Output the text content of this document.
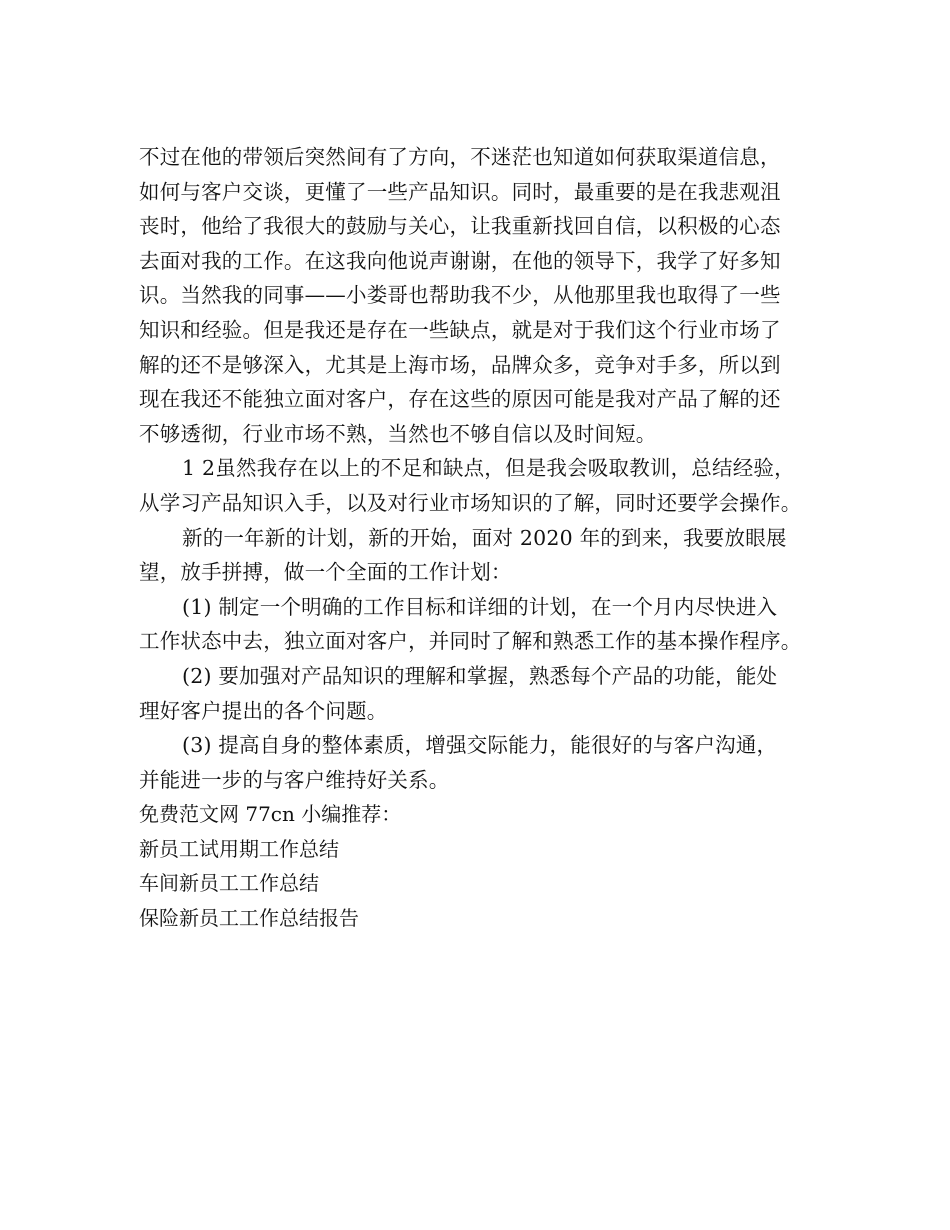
不过在他的带领后突然间有了方向，不迷茫也知道如何获取渠道信息，
如何与客户交谈，更懂了一些产品知识。同时，最重要的是在我悲观沮
丧时，他给了我很大的鼓励与关心，让我重新找回自信，以积极的心态
去面对我的工作。在这我向他说声谢谢，在他的领导下，我学了好多知
识。当然我的同事——小娄哥也帮助我不少，从他那里我也取得了一些
知识和经验。但是我还是存在一些缺点，就是对于我们这个行业市场了
解的还不是够深入，尤其是上海市场，品牌众多，竞争对手多，所以到
现在我还不能独立面对客户，存在这些的原因可能是我对产品了解的还
不够透彻，行业市场不熟，当然也不够自信以及时间短。
1 2虽然我存在以上的不足和缺点，但是我会吸取教训，总结经验，
从学习产品知识入手，以及对行业市场知识的了解，同时还要学会操作。
新的一年新的计划，新的开始，面对 2020 年的到来，我要放眼展
望，放手拼搏，做一个全面的工作计划：
(1) 制定一个明确的工作目标和详细的计划，在一个月内尽快进入
工作状态中去，独立面对客户，并同时了解和熟悉工作的基本操作程序。
(2) 要加强对产品知识的理解和掌握，熟悉每个产品的功能，能处
理好客户提出的各个问题。
(3) 提高自身的整体素质，增强交际能力，能很好的与客户沟通，
并能进一步的与客户维持好关系。
免费范文网 77cn 小编推荐：
新员工试用期工作总结
车间新员工工作总结
保险新员工工作总结报告
